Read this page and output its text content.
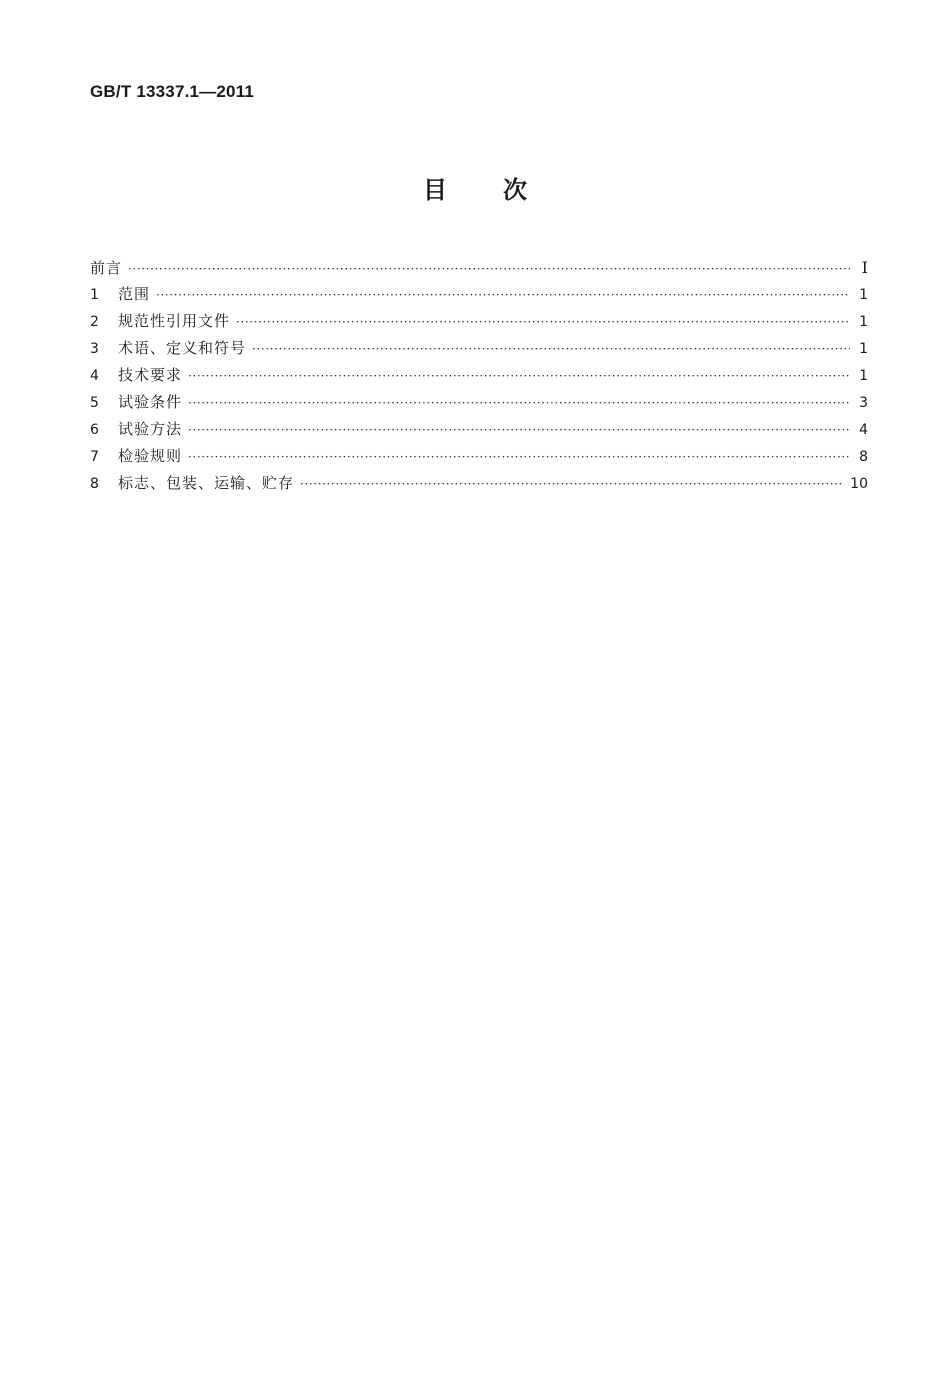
GB/T 13337.1—2011
目次
前言 ·····	I
1	范围 ·····	1
2	规范性引用文件 ·····	1
3	术语、定义和符号 ·····	1
4	技术要求 ·····	1
5	试验条件 ·····	3
6	试验方法 ·····	4
7	检验规则 ·····	8
8	标志、包装、运输、贮存 ·····	10
